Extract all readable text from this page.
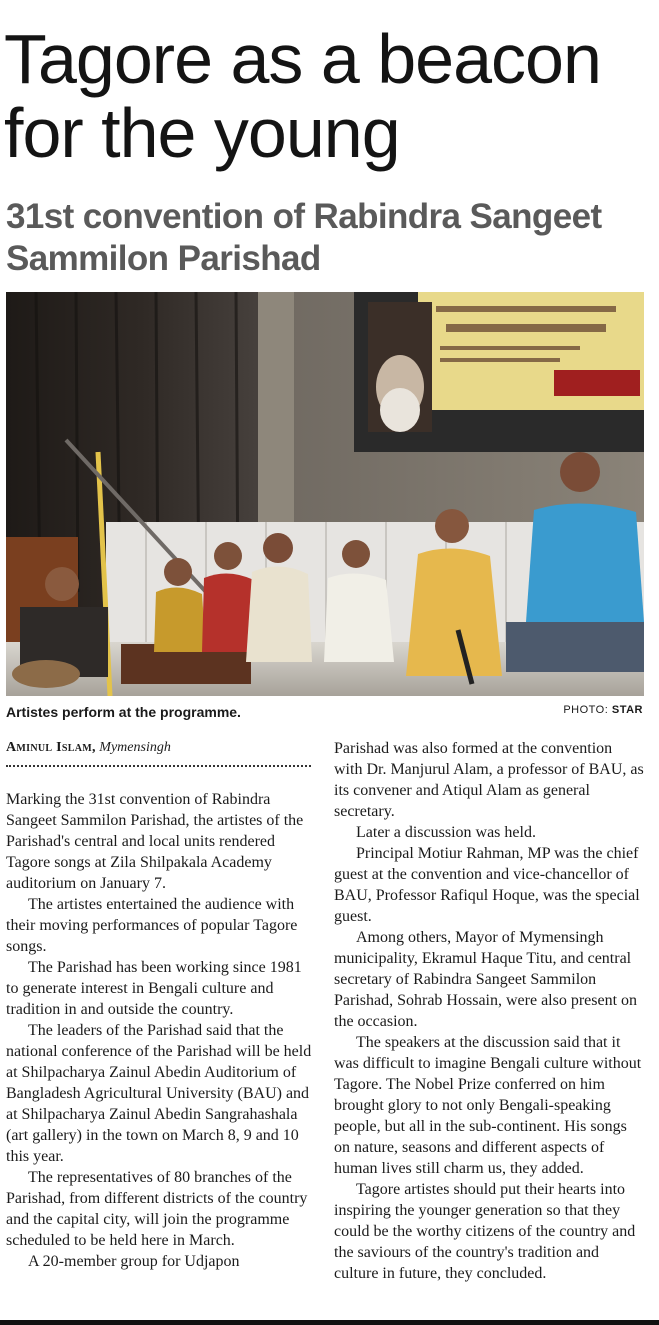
Tagore as a beacon
for the young
31st convention of Rabindra Sangeet
Sammilon Parishad
Artistes perform at the programme.	PHOTO: STAR
Aminul Islam, Mymensingh

Marking the 31st convention of Rabindra Sangeet Sammilon Parishad, the artistes of the Parishad's central and local units rendered Tagore songs at Zila Shilpakala Academy auditorium on January 7.

The artistes entertained the audience with their moving performances of popular Tagore songs.

The Parishad has been working since 1981 to generate interest in Bengali culture and tradition in and outside the country.

The leaders of the Parishad said that the national conference of the Parishad will be held at Shilpacharya Zainul Abedin Auditorium of Bangladesh Agricultural University (BAU) and at Shilpacharya Zainul Abedin Sangrahashala (art gallery) in the town on March 8, 9 and 10 this year.

The representatives of 80 branches of the Parishad, from different districts of the country and the capital city, will join the programme scheduled to be held here in March.

A 20-member group for Udjapon

Parishad was also formed at the convention with Dr. Manjurul Alam, a professor of BAU, as its convener and Atiqul Alam as general secretary.

Later a discussion was held.

Principal Motiur Rahman, MP was the chief guest at the convention and vice-chancellor of BAU, Professor Rafiqul Hoque, was the special guest.

Among others, Mayor of Mymensingh municipality, Ekramul Haque Titu, and central secretary of Rabindra Sangeet Sammilon Parishad, Sohrab Hossain, were also present on the occasion.

The speakers at the discussion said that it was difficult to imagine Bengali culture without Tagore. The Nobel Prize conferred on him brought glory to not only Bengali-speaking people, but all in the sub-continent. His songs on nature, seasons and different aspects of human lives still charm us, they added.

Tagore artistes should put their hearts into inspiring the younger generation so that they could be the worthy citizens of the country and the saviours of the country's tradition and culture in future, they concluded.
